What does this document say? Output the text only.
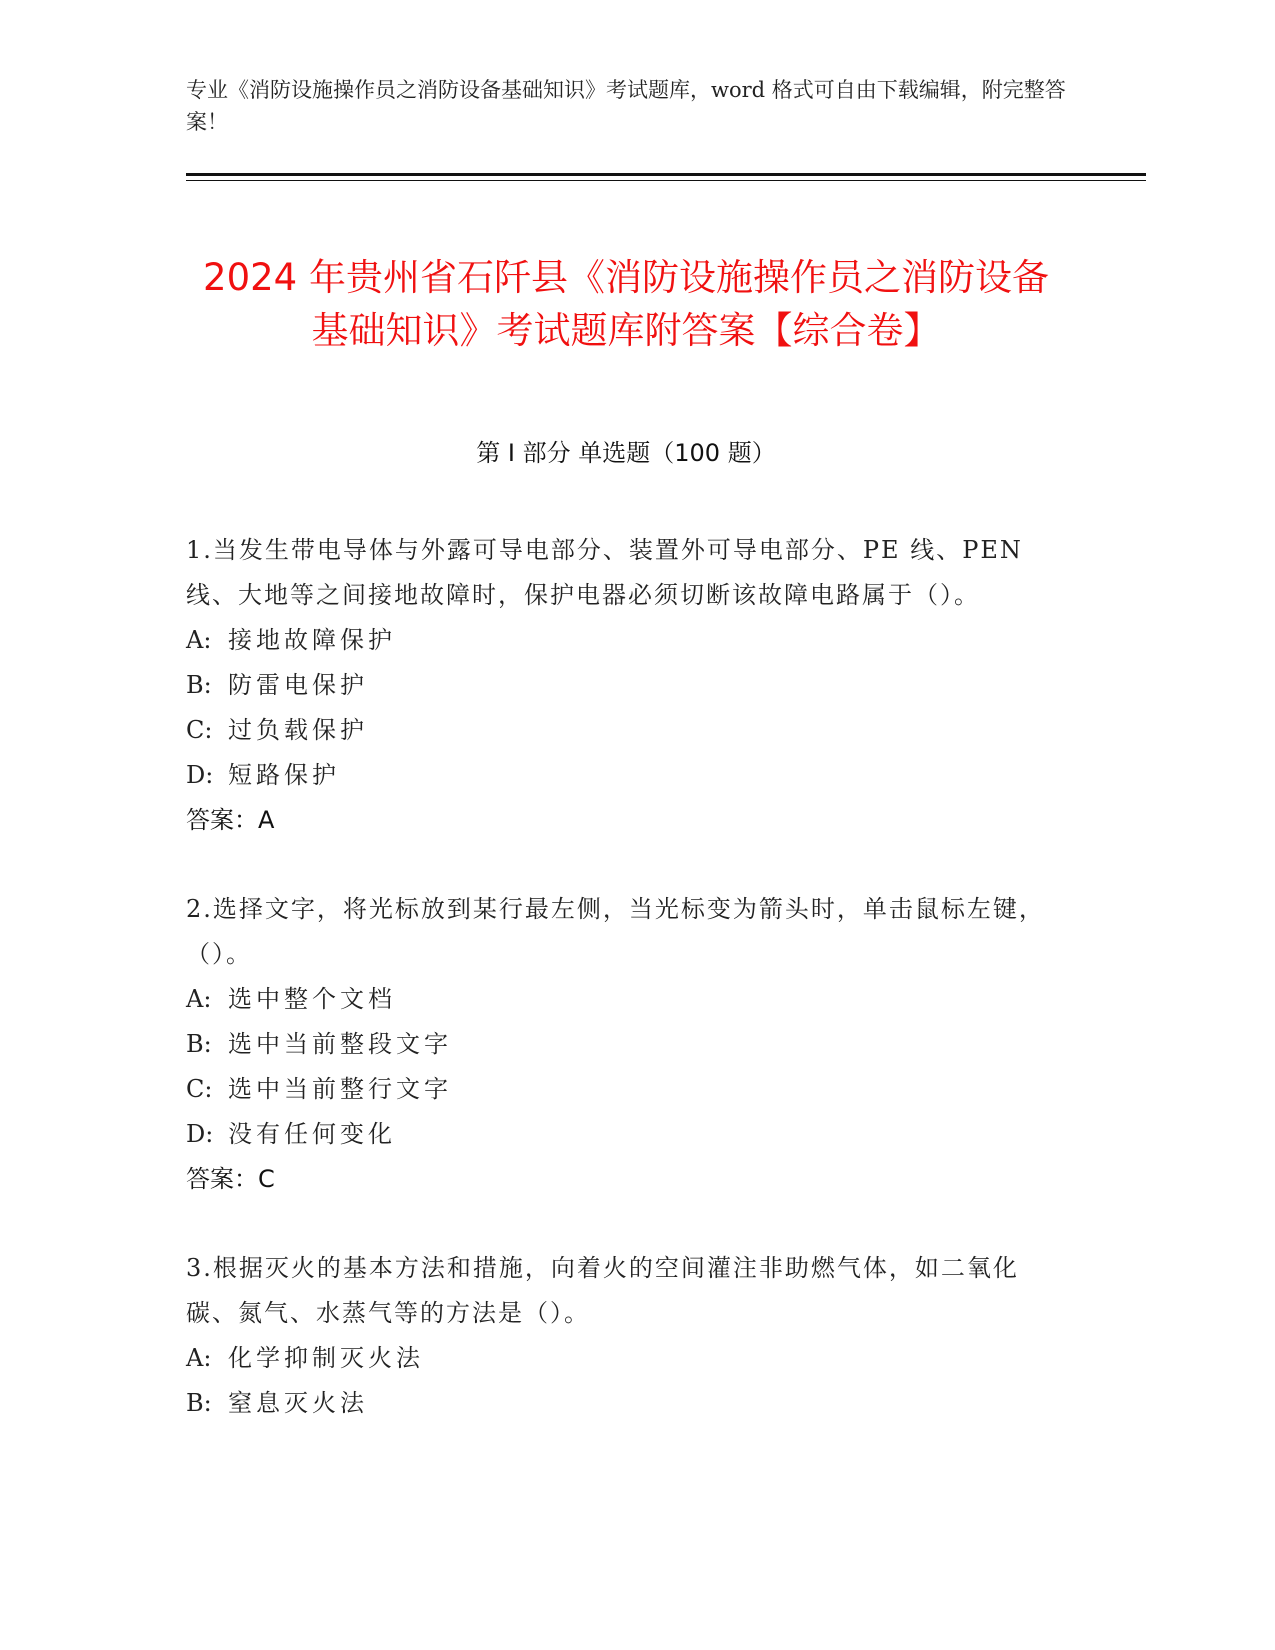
专业《消防设施操作员之消防设备基础知识》考试题库，word 格式可自由下载编辑，附完整答案！
2024 年贵州省石阡县《消防设施操作员之消防设备基础知识》考试题库附答案【综合卷】
第 I 部分 单选题（100 题）
1.当发生带电导体与外露可导电部分、装置外可导电部分、PE 线、PEN 线、大地等之间接地故障时，保护电器必须切断该故障电路属于（）。
A: 接地故障保护
B: 防雷电保护
C: 过负载保护
D: 短路保护
答案：A
2.选择文字，将光标放到某行最左侧，当光标变为箭头时，单击鼠标左键，（）。
A: 选中整个文档
B: 选中当前整段文字
C: 选中当前整行文字
D: 没有任何变化
答案：C
3.根据灭火的基本方法和措施，向着火的空间灌注非助燃气体，如二氧化碳、氮气、水蒸气等的方法是（）。
A: 化学抑制灭火法
B: 窒息灭火法
